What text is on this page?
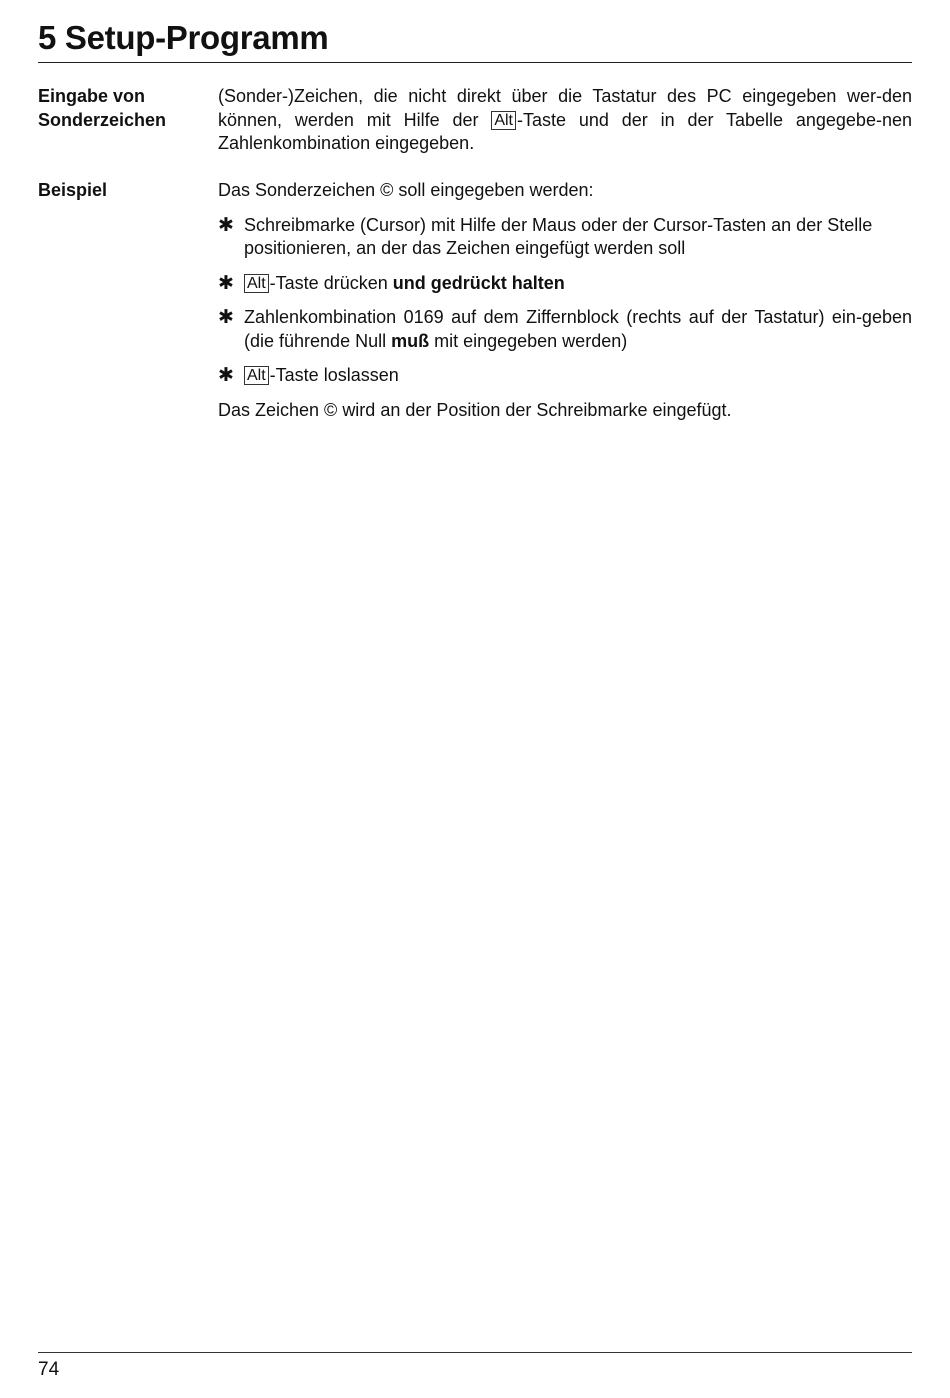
5 Setup-Programm
Eingabe von
Sonderzeichen

(Sonder-)Zeichen, die nicht direkt über die Tastatur des PC eingegeben wer-den können, werden mit Hilfe der Alt -Taste und der in der Tabelle angegebe-nen Zahlenkombination eingegeben.

Beispiel	Das Sonderzeichen © soll eingegeben werden:

✱ Schreibmarke (Cursor) mit Hilfe der Maus oder der Cursor-Tasten an der Stelle positionieren, an der das Zeichen eingefügt werden soll

✱ Alt -Taste drücken und gedrückt halten

✱ Zahlenkombination 0169 auf dem Ziffernblock (rechts auf der Tastatur) ein-geben (die führende Null muß mit eingegeben werden)

✱ Alt -Taste loslassen

Das Zeichen © wird an der Position der Schreibmarke eingefügt.

74
